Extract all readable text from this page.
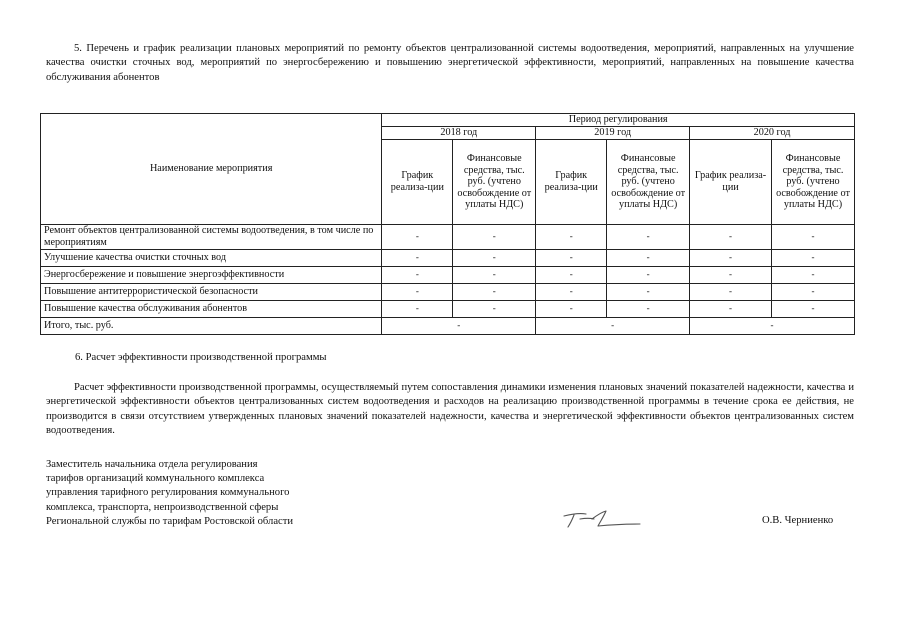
5. Перечень и график реализации плановых мероприятий по ремонту объектов централизованной системы водоотведения, мероприятий, направленных на улучшение качества очистки сточных вод, мероприятий по энергосбережению и повышению энергетической эффективности, мероприятий, направленных на повышение качества обслуживания абонентов
Наименование мероприятия	Период регулирования					
	2018 год		2019 год		2020 год	
	График реализа-ции	Финансовые средства, тыс. руб. (учтено освобождение от уплаты НДС)	График реализа-ции	Финансовые средства, тыс. руб. (учтено освобождение от уплаты НДС)	График реализа-ции	Финансовые средства, тыс. руб. (учтено освобождение от уплаты НДС)
Ремонт объектов централизованной системы водоотведения, в том числе по мероприятиям	-	-	-	-	-	-
Улучшение качества очистки сточных вод	-	-	-	-	-	-
Энергосбережение и повышение энергоэффективности	-	-	-	-	-	-
Повышение антитеррористической безопасности	-	-	-	-	-	-
Повышение качества обслуживания абонентов	-	-	-	-	-	-
Итого, тыс. руб.	-		-		-	
6. Расчет эффективности производственной программы
Расчет эффективности производственной программы, осуществляемый путем сопоставления динамики изменения плановых значений показателей надежности, качества и энергетической эффективности объектов централизованных систем водоотведения и расходов на реализацию производственной программы в течение срока ее действия, не производится в связи отсутствием утвержденных плановых значений показателей надежности, качества и энергетической эффективности объектов централизованных систем водоотведения.
Заместитель начальника отдела регулирования
тарифов организаций коммунального комплекса
управления тарифного регулирования коммунального
комплекса, транспорта, непроизводственной сферы
Региональной службы по тарифам Ростовской области	О.В. Черниенко
